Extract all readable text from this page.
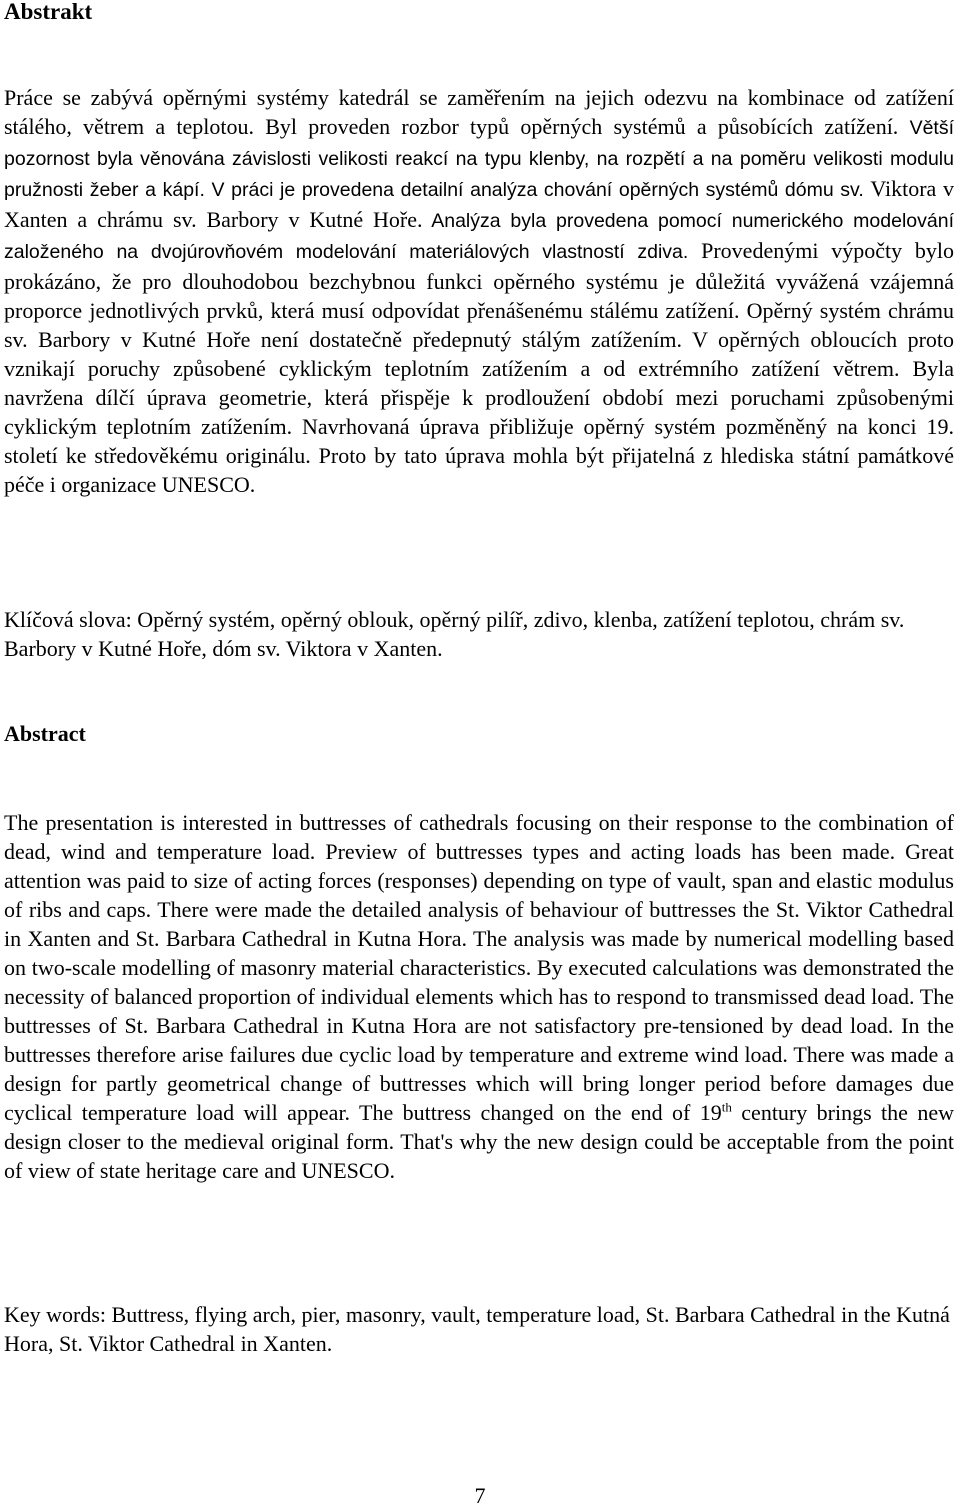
Abstrakt

Práce se zabývá opěrnými systémy katedrál se zaměřením na jejich odezvu na kombinace od zatížení stálého, větrem a teplotou. Byl proveden rozbor typů opěrných systémů a působících zatížení. Větší pozornost byla věnována závislosti velikosti reakcí na typu klenby, na rozpětí a na poměru velikosti modulu pružnosti žeber a kápí. V práci je provedena detailní analýza chování opěrných systémů dómu sv. Viktora v Xanten a chrámu sv. Barbory v Kutné Hoře. Analýza byla provedena pomocí numerického modelování založeného na dvojúrovňovém modelování materiálových vlastností zdiva. Provedenými výpočty bylo prokázáno, že pro dlouhodobou bezchybnou funkci opěrného systému je důležitá vyvážená vzájemná proporce jednotlivých prvků, která musí odpovídat přenášenému stálému zatížení. Opěrný systém chrámu sv. Barbory v Kutné Hoře není dostatečně předepnutý stálým zatížením. V opěrných obloucích proto vznikají poruchy způsobené cyklickým teplotním zatížením a od extrémního zatížení větrem. Byla navržena dílčí úprava geometrie, která přispěje k prodloužení období mezi poruchami způsobenými cyklickým teplotním zatížením. Navrhovaná úprava přibližuje opěrný systém pozměněný na konci 19. století ke středověkému originálu. Proto by tato úprava mohla být přijatelná z hlediska státní památkové péče i organizace UNESCO.

Klíčová slova: Opěrný systém, opěrný oblouk, opěrný pilíř, zdivo, klenba, zatížení teplotou, chrám sv. Barbory v Kutné Hoře, dóm sv. Viktora v Xanten.

Abstract

The presentation is interested in buttresses of cathedrals focusing on their response to the combination of dead, wind and temperature load. Preview of buttresses types and acting loads has been made. Great attention was paid to size of acting forces (responses) depending on type of vault, span and elastic modulus of ribs and caps. There were made the detailed analysis of behaviour of buttresses the St. Viktor Cathedral in Xanten and St. Barbara Cathedral in Kutna Hora. The analysis was made by numerical modelling based on two-scale modelling of masonry material characteristics. By executed calculations was demonstrated the necessity of balanced proportion of individual elements which has to respond to transmissed dead load. The buttresses of St. Barbara Cathedral in Kutna Hora are not satisfactory pre-tensioned by dead load. In the buttresses therefore arise failures due cyclic load by temperature and extreme wind load. There was made a design for partly geometrical change of buttresses which will bring longer period before damages due cyclical temperature load will appear. The buttress changed on the end of 19th century brings the new design closer to the medieval original form. That's why the new design could be acceptable from the point of view of state heritage care and UNESCO.

Key words: Buttress, flying arch, pier, masonry, vault, temperature load, St. Barbara Cathedral in the Kutná Hora, St. Viktor Cathedral in Xanten.

7
